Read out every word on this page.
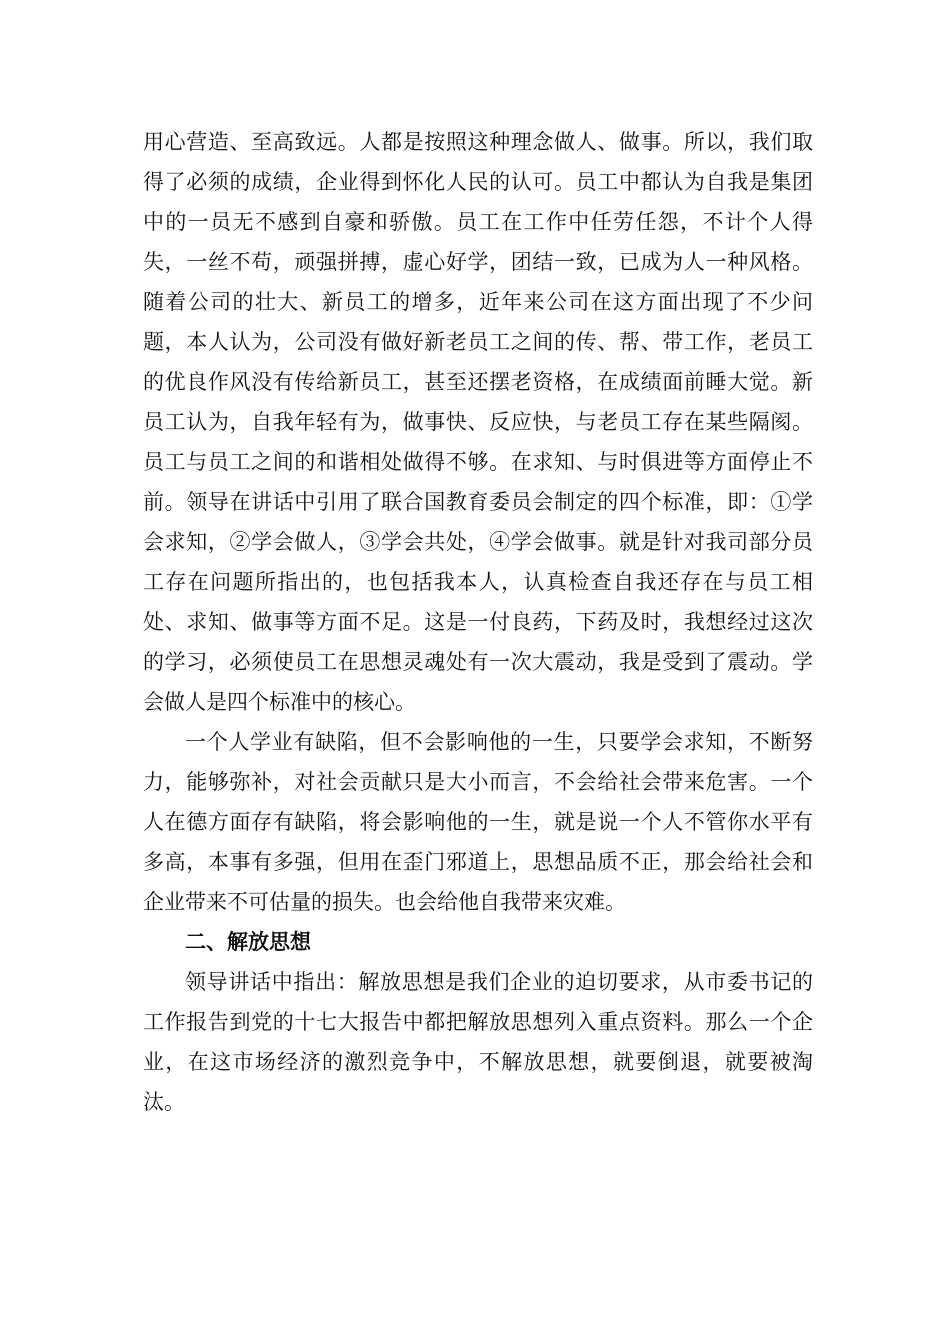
用心营造、至高致远。人都是按照这种理念做人、做事。所以，我们取得了必须的成绩，企业得到怀化人民的认可。员工中都认为自我是集团中的一员无不感到自豪和骄傲。员工在工作中任劳任怨，不计个人得失，一丝不苟，顽强拼搏，虚心好学，团结一致，已成为人一种风格。随着公司的壮大、新员工的增多，近年来公司在这方面出现了不少问题，本人认为，公司没有做好新老员工之间的传、帮、带工作，老员工的优良作风没有传给新员工，甚至还摆老资格，在成绩面前睡大觉。新员工认为，自我年轻有为，做事快、反应快，与老员工存在某些隔阂。员工与员工之间的和谐相处做得不够。在求知、与时俱进等方面停止不前。领导在讲话中引用了联合国教育委员会制定的四个标准，即：①学会求知，②学会做人，③学会共处，④学会做事。就是针对我司部分员工存在问题所指出的，也包括我本人，认真检查自我还存在与员工相处、求知、做事等方面不足。这是一付良药，下药及时，我想经过这次的学习，必须使员工在思想灵魂处有一次大震动，我是受到了震动。学会做人是四个标准中的核心。

一个人学业有缺陷，但不会影响他的一生，只要学会求知，不断努力，能够弥补，对社会贡献只是大小而言，不会给社会带来危害。一个人在德方面存有缺陷，将会影响他的一生，就是说一个人不管你水平有多高，本事有多强，但用在歪门邪道上，思想品质不正，那会给社会和企业带来不可估量的损失。也会给他自我带来灾难。

二、解放思想

领导讲话中指出：解放思想是我们企业的迫切要求，从市委书记的工作报告到党的十七大报告中都把解放思想列入重点资料。那么一个企业，在这市场经济的激烈竞争中，不解放思想，就要倒退，就要被淘汰。
